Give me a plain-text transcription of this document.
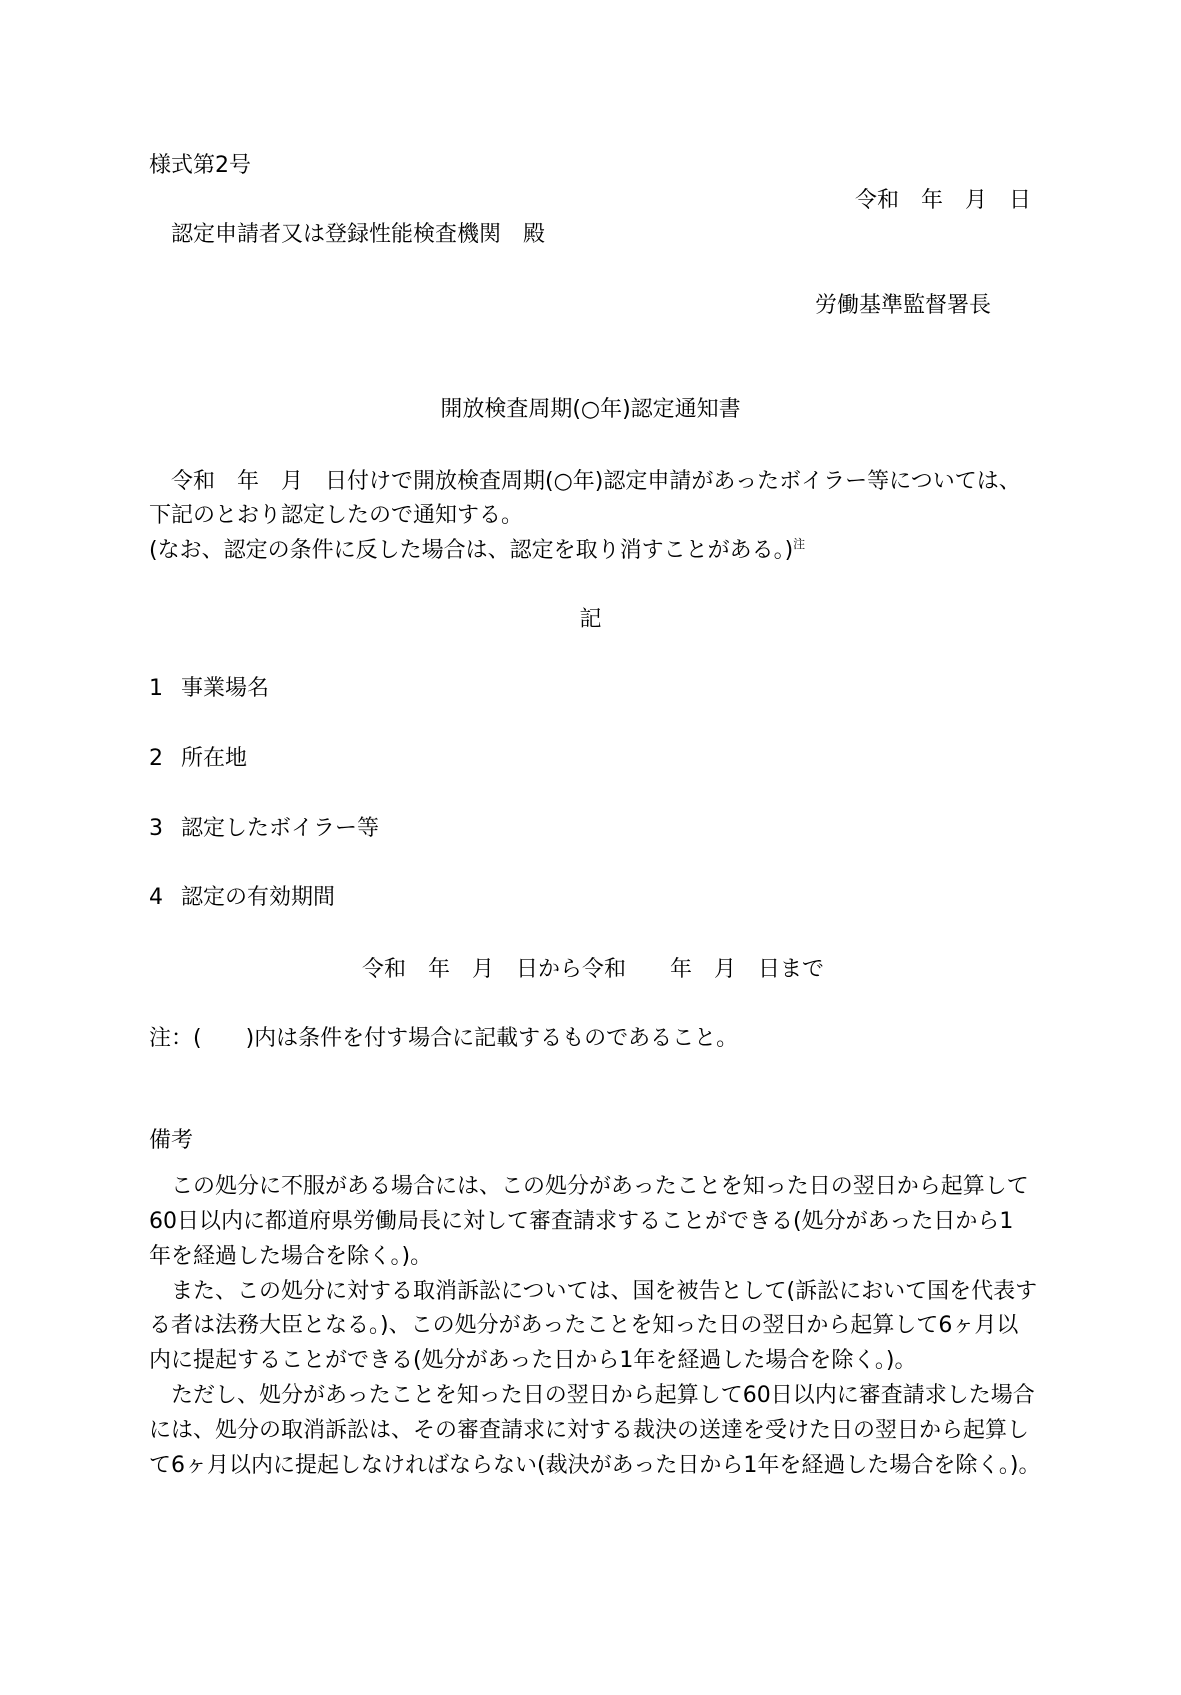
様式第2号
令和　年　月　日
認定申請者又は登録性能検査機関　殿
労働基準監督署長
開放検査周期(○年)認定通知書
　令和　年　月　日付けで開放検査周期(○年)認定申請があったボイラー等については、
下記のとおり認定したので通知する。
(なお、認定の条件に反した場合は、認定を取り消すことがある。)$^注$
記
1 事業場名
2 所在地
3 認定したボイラー等
4 認定の有効期間
令和　年　月　日から令和　　年　月　日まで
注：(　　)内は条件を付す場合に記載するものであること。
備考
　この処分に不服がある場合には、この処分があったことを知った日の翌日から起算して
60日以内に都道府県労働局長に対して審査請求することができる(処分があった日から1
年を経過した場合を除く。)。
　また、この処分に対する取消訴訟については、国を被告として(訴訟において国を代表す
る者は法務大臣となる。)、この処分があったことを知った日の翌日から起算して6ヶ月以
内に提起することができる(処分があった日から1年を経過した場合を除く。)。
　ただし、処分があったことを知った日の翌日から起算して60日以内に審査請求した場合
には、処分の取消訴訟は、その審査請求に対する裁決の送達を受けた日の翌日から起算し
て6ヶ月以内に提起しなければならない(裁決があった日から1年を経過した場合を除く。)。
